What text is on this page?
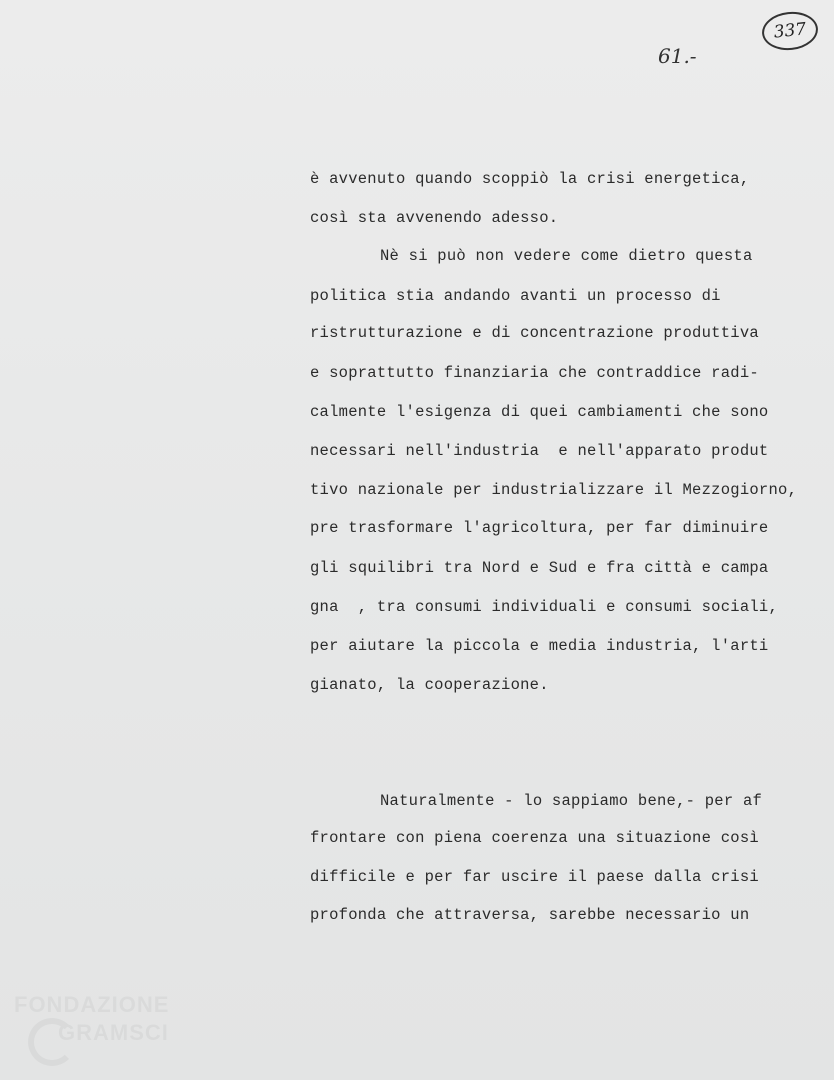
337
61.-
è avvenuto quando scoppiò la crisi energetica,
così sta avvenendo adesso.
Nè si può non vedere come dietro questa
politica stia andando avanti un processo di
ristrutturazione e di concentrazione produttiva
e soprattutto finanziaria che contraddice radi-
calmente l'esigenza di quei cambiamenti che sono
necessari nell'industria  e nell'apparato produt
tivo nazionale per industrializzare il Mezzogiorno,
pre trasformare l'agricoltura, per far diminuire
gli squilibri tra Nord e Sud e fra città e campa
gna  , tra consumi individuali e consumi sociali,
per aiutare la piccola e media industria, l'arti
gianato, la cooperazione.
Naturalmente - lo sappiamo bene,- per af
frontare con piena coerenza una situazione così
difficile e per far uscire il paese dalla crisi
profonda che attraversa, sarebbe necessario un
FONDAZIONE
GRAMSCI
